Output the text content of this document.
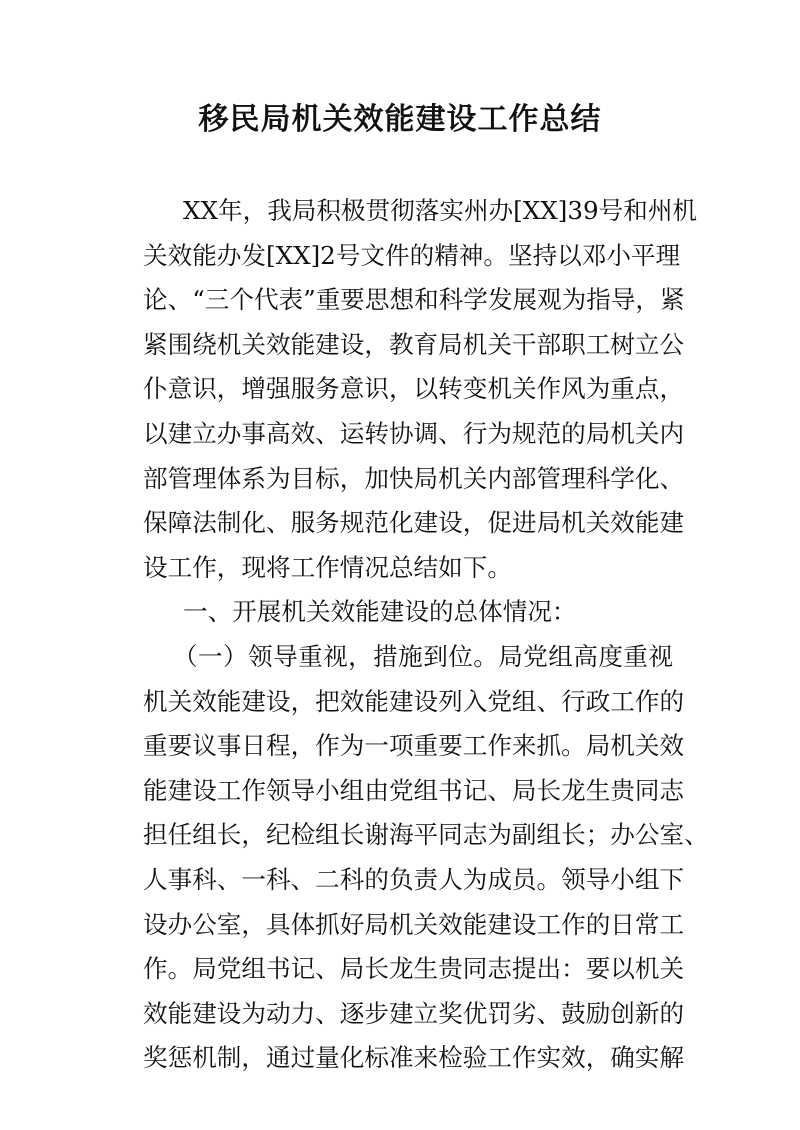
移民局机关效能建设工作总结
XX年，我局积极贯彻落实州办[XX]39号和州机
关效能办发[XX]2号文件的精神。坚持以邓小平理
论、“三个代表”重要思想和科学发展观为指导，紧
紧围绕机关效能建设，教育局机关干部职工树立公
仆意识，增强服务意识，以转变机关作风为重点，
以建立办事高效、运转协调、行为规范的局机关内
部管理体系为目标，加快局机关内部管理科学化、
保障法制化、服务规范化建设，促进局机关效能建
设工作，现将工作情况总结如下。
一、开展机关效能建设的总体情况：
（一）领导重视，措施到位。局党组高度重视
机关效能建设，把效能建设列入党组、行政工作的
重要议事日程，作为一项重要工作来抓。局机关效
能建设工作领导小组由党组书记、局长龙生贵同志
担任组长，纪检组长谢海平同志为副组长；办公室、
人事科、一科、二科的负责人为成员。领导小组下
设办公室，具体抓好局机关效能建设工作的日常工
作。局党组书记、局长龙生贵同志提出：要以机关
效能建设为动力、逐步建立奖优罚劣、鼓励创新的
奖惩机制，通过量化标准来检验工作实效，确实解
